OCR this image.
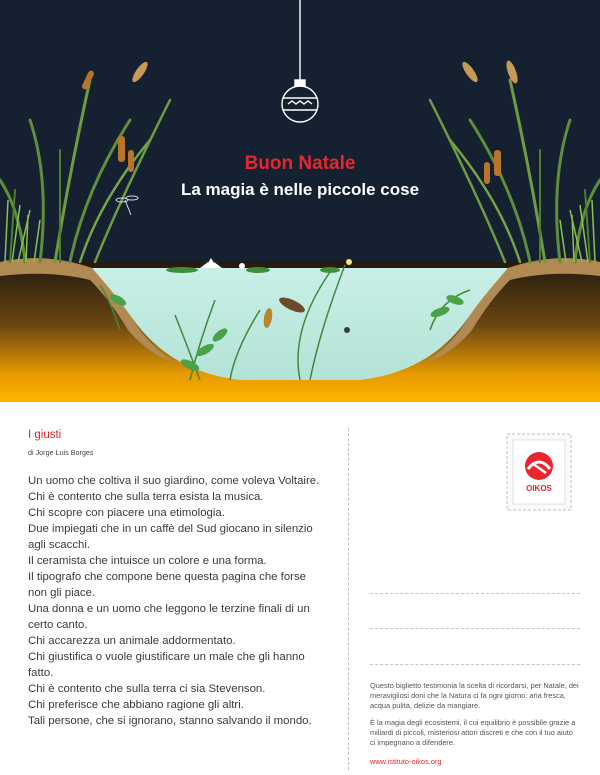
Buon Natale
La magia è nelle piccole cose
I giusti
di Jorge Luis Borges
Un uomo che coltiva il suo giardino, come voleva Voltaire.
Chi è contento che sulla terra esista la musica.
Chi scopre con piacere una etimologia.
Due impiegati che in un caffè del Sud giocano in silenzio agli scacchi.
Il ceramista che intuisce un colore e una forma.
Il tipografo che compone bene questa pagina che forse non gli piace.
Una donna e un uomo che leggono le terzine finali di un certo canto.
Chi accarezza un animale addormentato.
Chi giustifica o vuole giustificare un male che gli hanno fatto.
Chi è contento che sulla terra ci sia Stevenson.
Chi preferisce che abbiano ragione gli altri.
Tali persone, che si ignorano, stanno salvando il mondo.
OIKOS

Questo biglietto testimonia la scelta di ricordarsi, per Natale, dei meravigliosi doni che la Natura ci fa ogni giorno: aria fresca, acqua pulita, delizie da mangiare.

È la magia degli ecosistemi, il cui equilibrio è possibile grazie a miliardi di piccoli, misteriosi attori discreti e che con il tuo aiuto ci impegnano a difendere.

www.istituto-oikos.org
